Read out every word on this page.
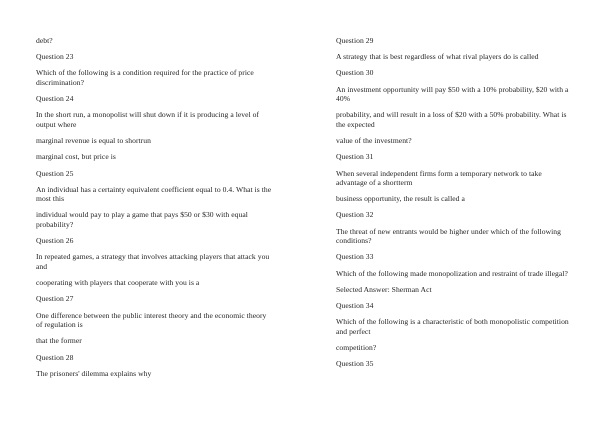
debt?

Question 23

Which of the following is a condition required for the practice of price discrimination?

Question 24

In the short run, a monopolist will shut down if it is producing a level of output where

marginal revenue is equal to shortrun

marginal cost, but price is

Question 25

An individual has a certainty equivalent coefficient equal to 0.4. What is the most this

individual would pay to play a game that pays $50 or $30 with equal probability?

Question 26

In repeated games, a strategy that involves attacking players that attack you and

cooperating with players that cooperate with you is a

Question 27

One difference between the public interest theory and the economic theory of regulation is

that the former

Question 28

The prisoners' dilemma explains why

Question 29

A strategy that is best regardless of what rival players do is called

Question 30

An investment opportunity will pay $50 with a 10% probability, $20 with a 40%

probability, and will result in a loss of $20 with a 50% probability. What is the expected

value of the investment?

Question 31

When several independent firms form a temporary network to take advantage of a shortterm

business opportunity, the result is called a

Question 32

The threat of new entrants would be higher under which of the following conditions?

Question 33

Which of the following made monopolization and restraint of trade illegal?

Selected Answer: Sherman Act

Question 34

Which of the following is a characteristic of both monopolistic competition and perfect

competition?

Question 35
